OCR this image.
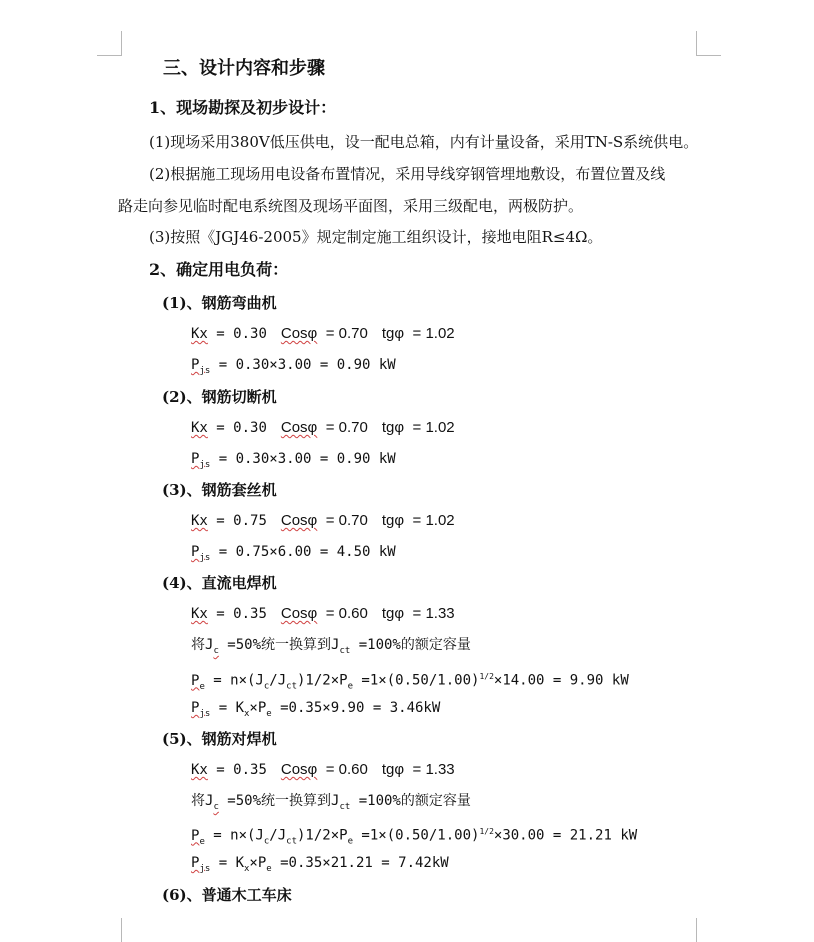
三、设计内容和步骤
1、现场勘探及初步设计：
(1)现场采用380V低压供电，设一配电总箱，内有计量设备，采用TN-S系统供电。
(2)根据施工现场用电设备布置情况，采用导线穿钢管埋地敷设，布置位置及线
路走向参见临时配电系统图及现场平面图，采用三级配电，两极防护。
(3)按照《JGJ46-2005》规定制定施工组织设计，接地电阻R≤4Ω。
2、确定用电负荷：
(1)、钢筋弯曲机
Kx = 0.30 Cosφ = 0.70 tgφ = 1.02
$P_{js} = 0.30\times 3.00 = 0.90$ kW
(2)、钢筋切断机
Kx = 0.30 Cosφ = 0.70 tgφ = 1.02
$P_{js} = 0.30\times 3.00 = 0.90$ kW
(3)、钢筋套丝机
Kx = 0.75 Cosφ = 0.70 tgφ = 1.02
$P_{js} = 0.75\times 6.00 = 4.50$ kW
(4)、直流电焊机
Kx = 0.35 Cosφ = 0.60 tgφ = 1.33
将$J_c =50\%$统一换算到$J_{ct} =100\%$的额定容量
$P_e = n\times(J_c/J_{ct})1/2\times P_e =1\times(0.50/1.00)^{1/2}\times 14.00 = 9.90$ kW
$P_{js} = K_x\times P_e =0.35\times 9.90 = 3.46kW$
(5)、钢筋对焊机
Kx = 0.35 Cosφ = 0.60 tgφ = 1.33
将$J_c =50\%$统一换算到$J_{ct} =100\%$的额定容量
$P_e = n\times(J_c/J_{ct})1/2\times P_e =1\times(0.50/1.00)^{1/2}\times 30.00 = 21.21$ kW
$P_{js} = K_x\times P_e =0.35\times 21.21 = 7.42kW$
(6)、普通木工车床
